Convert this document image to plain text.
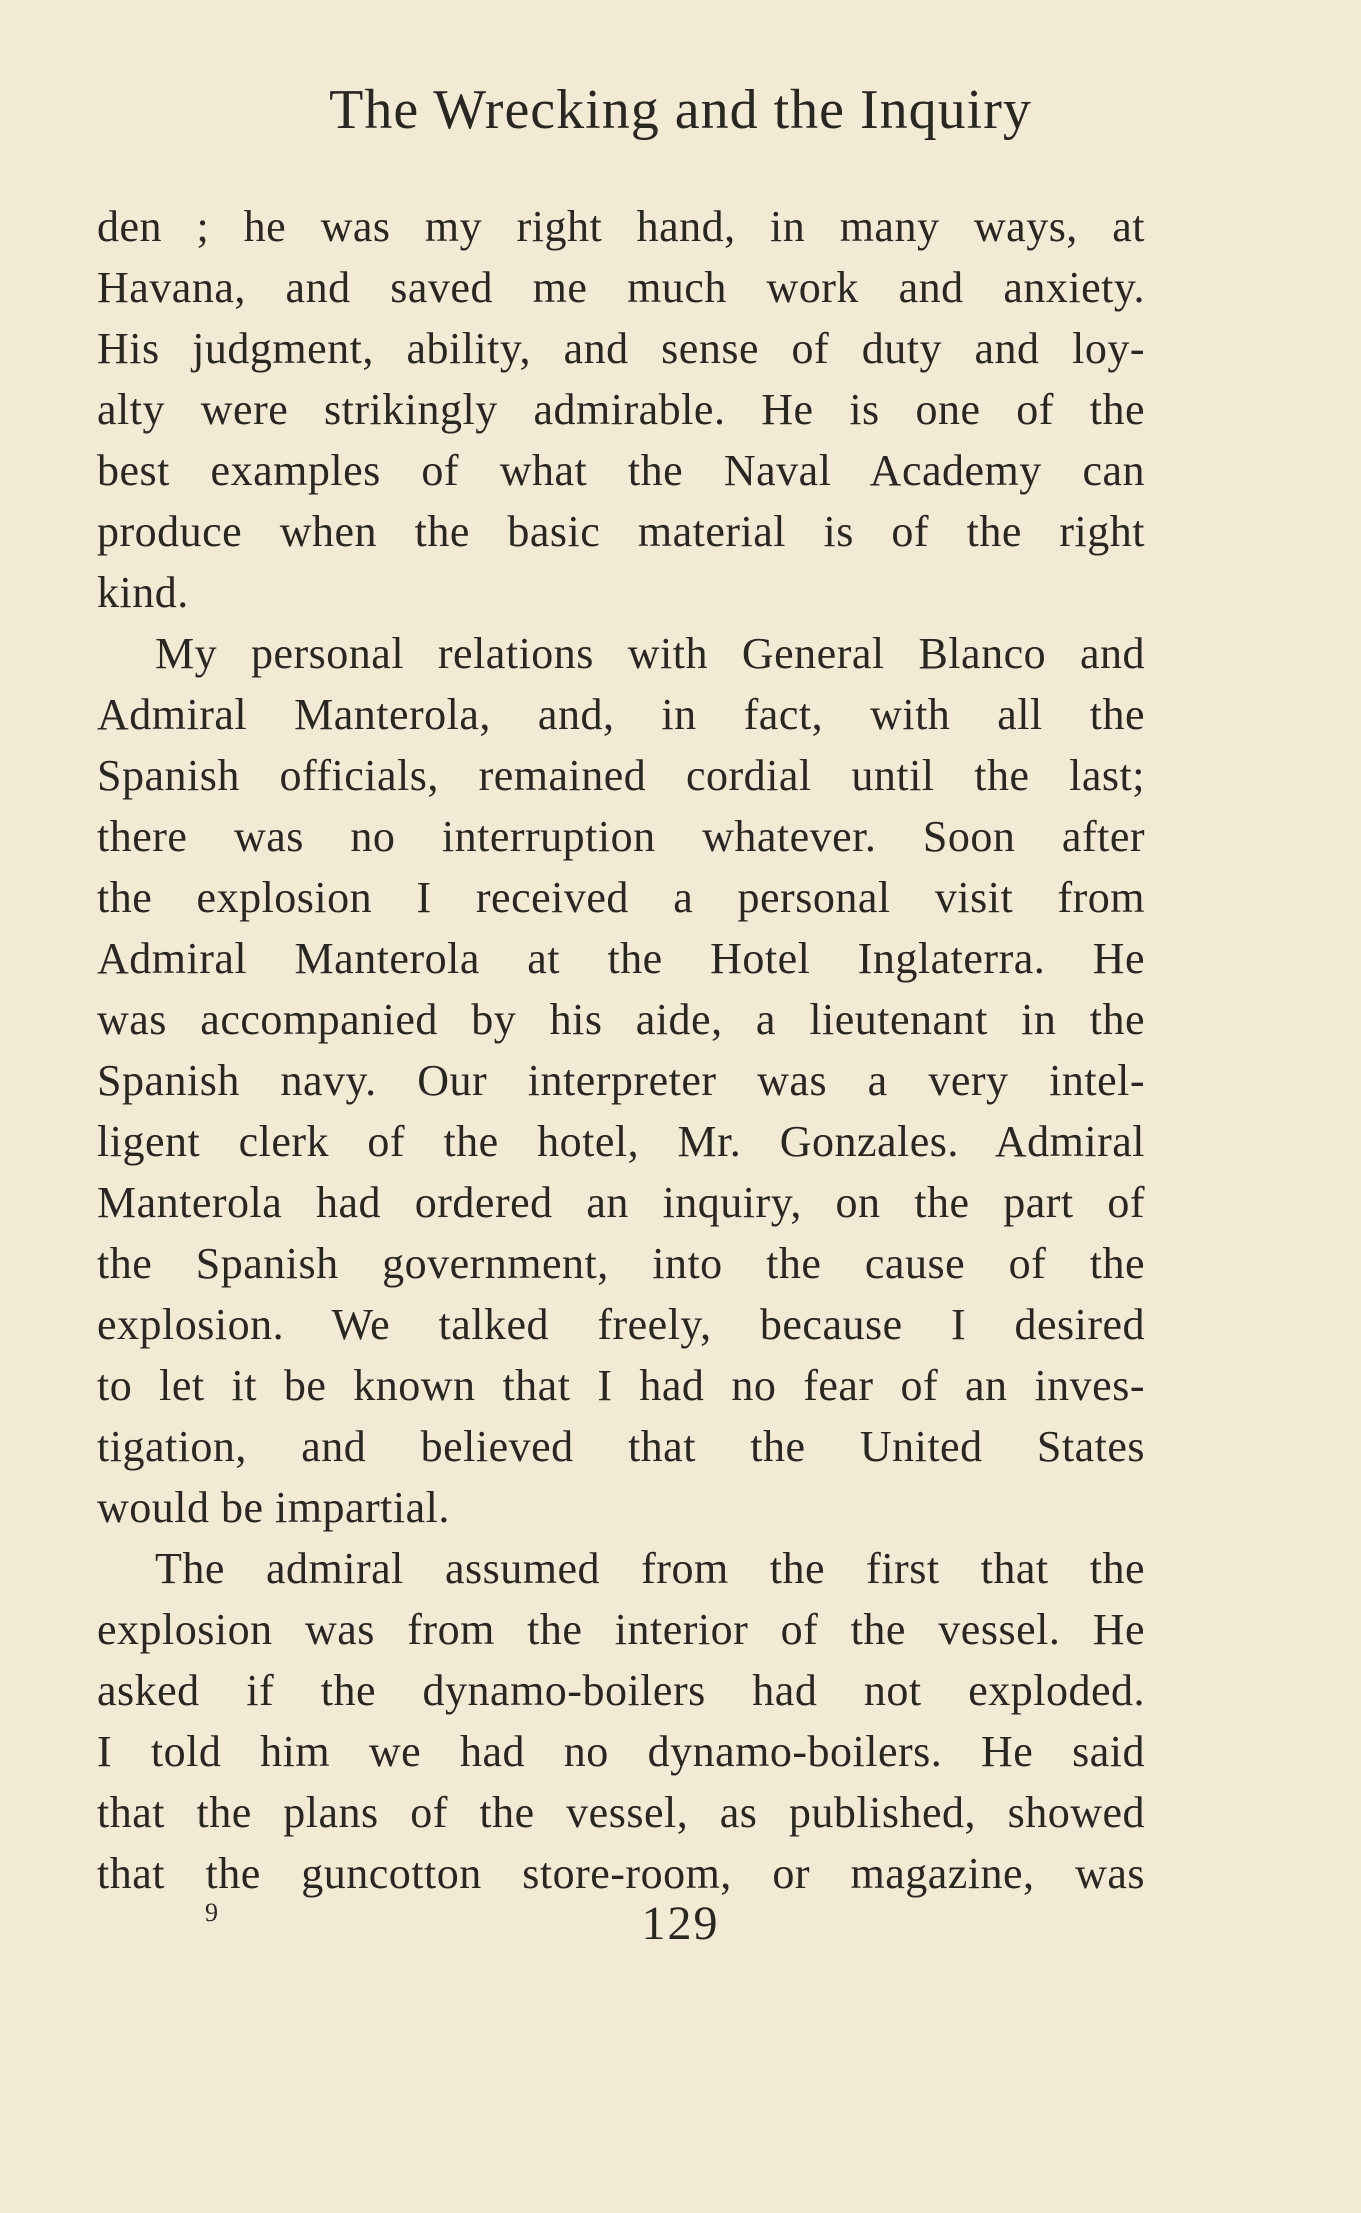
The Wrecking and the Inquiry
den ; he was my right hand, in many ways, at
Havana, and saved me much work and anxiety.
His judgment, ability, and sense of duty and loy-
alty were strikingly admirable. He is one of the
best examples of what the Naval Academy can
produce when the basic material is of the right
kind.
My personal relations with General Blanco and
Admiral Manterola, and, in fact, with all the
Spanish officials, remained cordial until the last;
there was no interruption whatever. Soon after
the explosion I received a personal visit from
Admiral Manterola at the Hotel Inglaterra. He
was accompanied by his aide, a lieutenant in the
Spanish navy. Our interpreter was a very intel-
ligent clerk of the hotel, Mr. Gonzales. Admiral
Manterola had ordered an inquiry, on the part of
the Spanish government, into the cause of the
explosion. We talked freely, because I desired
to let it be known that I had no fear of an inves-
tigation, and believed that the United States
would be impartial.
The admiral assumed from the first that the
explosion was from the interior of the vessel. He
asked if the dynamo-boilers had not exploded.
I told him we had no dynamo-boilers. He said
that the plans of the vessel, as published, showed
that the guncotton store-room, or magazine, was
9	129
